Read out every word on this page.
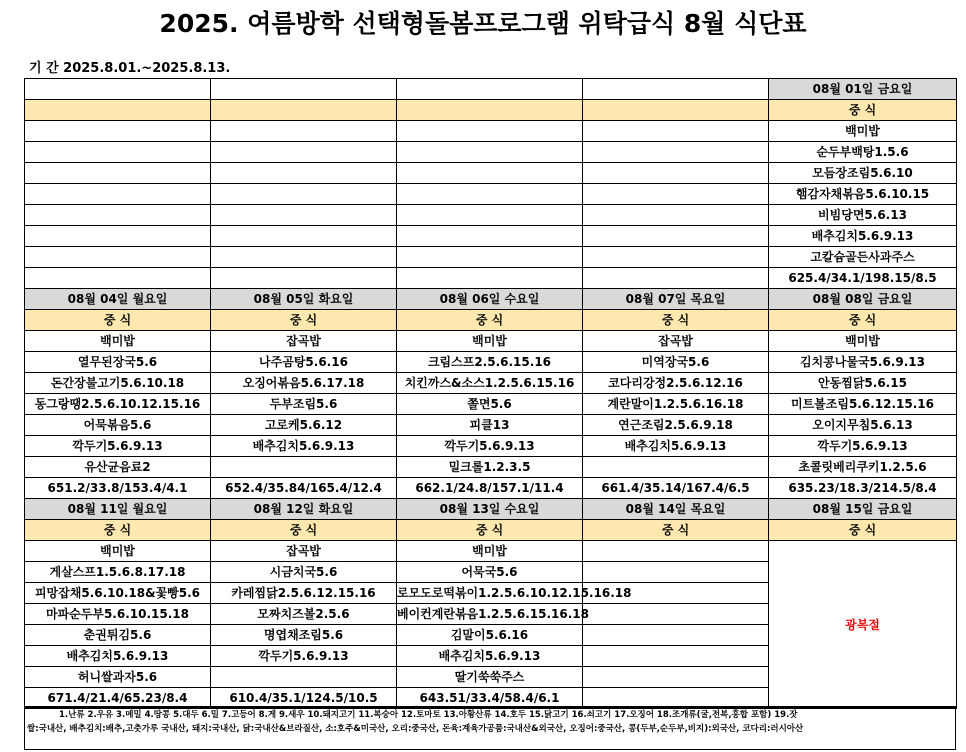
2025. 여름방학 선택형돌봄프로그램 위탁급식 8월 식단표
기 간 2025.8.01.~2025.8.13.
				08월 01일 금요일
				중 식
				백미밥
				순두부백탕1.5.6
				모듬장조림5.6.10
				햄감자채볶음5.6.10.15
				비빔당면5.6.13
				배추김치5.6.9.13
				고칼슘골든사과주스
				625.4/34.1/198.15/8.5
08월 04일 월요일	08월 05일 화요일	08월 06일 수요일	08월 07일 목요일	08월 08일 금요일
중 식	중 식	중 식	중 식	중 식
백미밥	잡곡밥	백미밥	잡곡밥	백미밥
열무된장국5.6	나주곰탕5.6.16	크림스프2.5.6.15.16	미역장국5.6	김치콩나물국5.6.9.13
돈간장불고기5.6.10.18	오징어볶음5.6.17.18	치킨까스&소스1.2.5.6.15.16	코다리강정2.5.6.12.16	안동찜닭5.6.15
동그랑땡2.5.6.10.12.15.16	두부조림5.6	쫄면5.6	계란말이1.2.5.6.16.18	미트볼조림5.6.12.15.16
어묵볶음5.6	고로케5.6.12	피클13	연근조림2.5.6.9.18	오이지무침5.6.13
깍두기5.6.9.13	배추김치5.6.9.13	깍두기5.6.9.13	배추김치5.6.9.13	깍두기5.6.9.13
유산균음료2		밀크롤1.2.3.5		초콜릿베리쿠키1.2.5.6
651.2/33.8/153.4/4.1	652.4/35.84/165.4/12.4	662.1/24.8/157.1/11.4	661.4/35.14/167.4/6.5	635.23/18.3/214.5/8.4
08월 11일 월요일	08월 12일 화요일	08월 13일 수요일	08월 14일 목요일	08월 15일 금요일
중 식	중 식	중 식	중 식	중 식
백미밥	잡곡밥	백미밥		광복절
게살스프1.5.6.8.17.18	시금치국5.6	어묵국5.6		
피망잡채5.6.10.18&꽃빵5.6	카레찜닭2.5.6.12.15.16	로모도로떡볶이1.2.5.6.10.12.15.16.18		
마파순두부5.6.10.15.18	모짜치즈볼2.5.6	베이컨계란볶음1.2.5.6.15.16.18		
춘권튀김5.6	명엽채조림5.6	김말이5.6.16		
배추김치5.6.9.13	깍두기5.6.9.13	배추김치5.6.9.13		
허니쌀과자5.6		딸기쑥쑥주스		
671.4/21.4/65.23/8.4	610.4/35.1/124.5/10.5	643.51/33.4/58.4/6.1		
1.난류 2.우유 3.메밀 4.땅콩 5.대두 6.밀 7.고등어 8.게 9.새우 10.돼지고기 11.복숭아 12.토마토 13.아황산류 14.호두 15.닭고기 16.쇠고기 17.오징어 18.조개류(굴,전복,홍합 포함) 19.잣
쌀:국내산, 배추김치:배추,고춧가루 국내산, 돼지:국내산, 닭:국내산&브라질산, 소:호주&미국산, 오리:중국산, 돈육:계육가공품:국내산&외국산, 오징어:중국산, 콩(두부,순두부,비지):외국산, 코다리:러시아산
